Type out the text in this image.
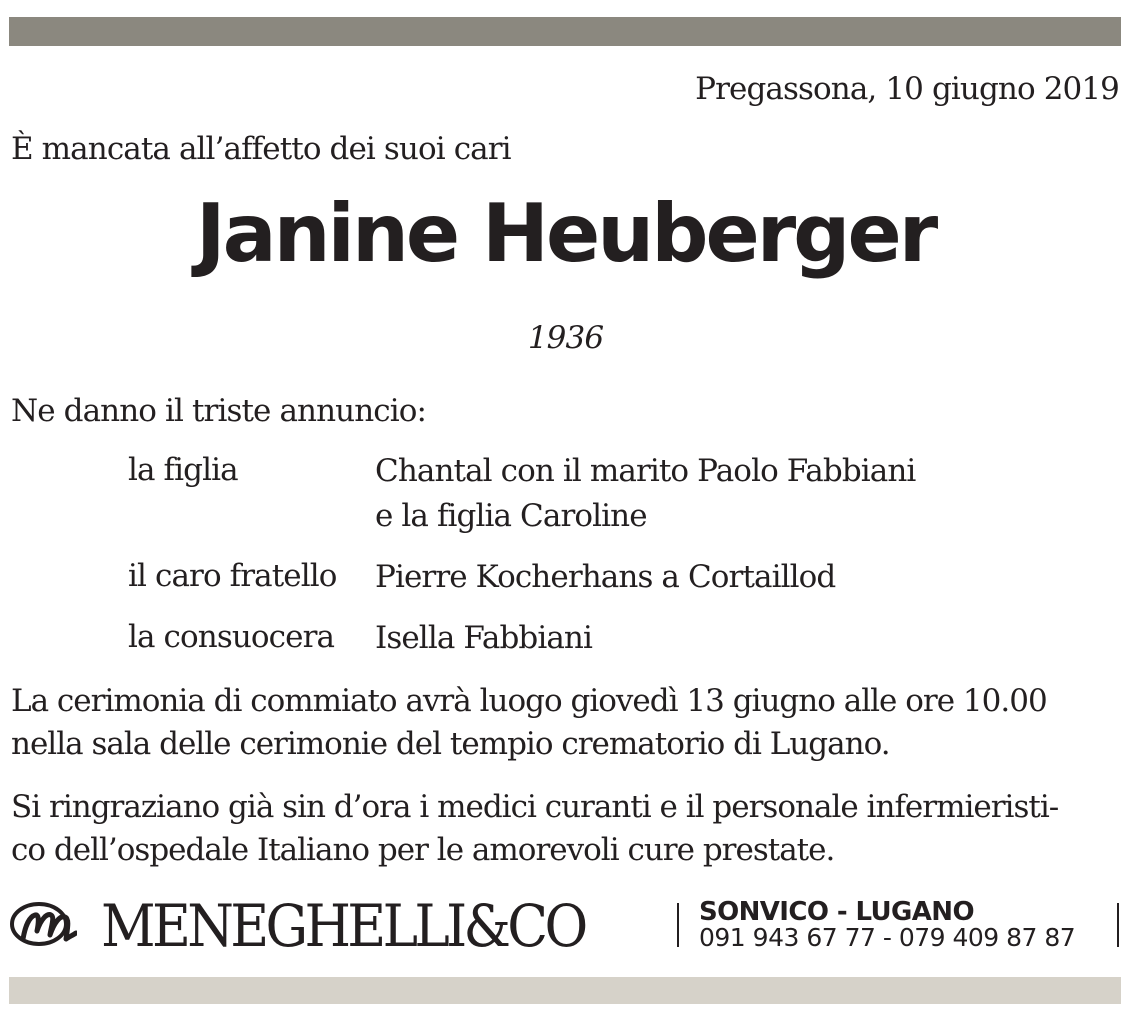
Pregassona, 10 giugno 2019

È mancata all’affetto dei suoi cari

Janine Heuberger

1936

Ne danno il triste annuncio:

la figlia	Chantal con il marito Paolo Fabbiani
e la figlia Caroline
il caro fratello Pierre Kocherhans a Cortaillod
la consuocera Isella Fabbiani

La cerimonia di commiato avrà luogo giovedì 13 giugno alle ore 10.00
nella sala delle cerimonie del tempio crematorio di Lugano.

Si ringraziano già sin d’ora i medici curanti e il personale infermieristi-
co dell’ospedale Italiano per le amorevoli cure prestate.

MENEGHELLI&CO	SONVICO - LUGANO
091 943 67 77 - 079 409 87 87
